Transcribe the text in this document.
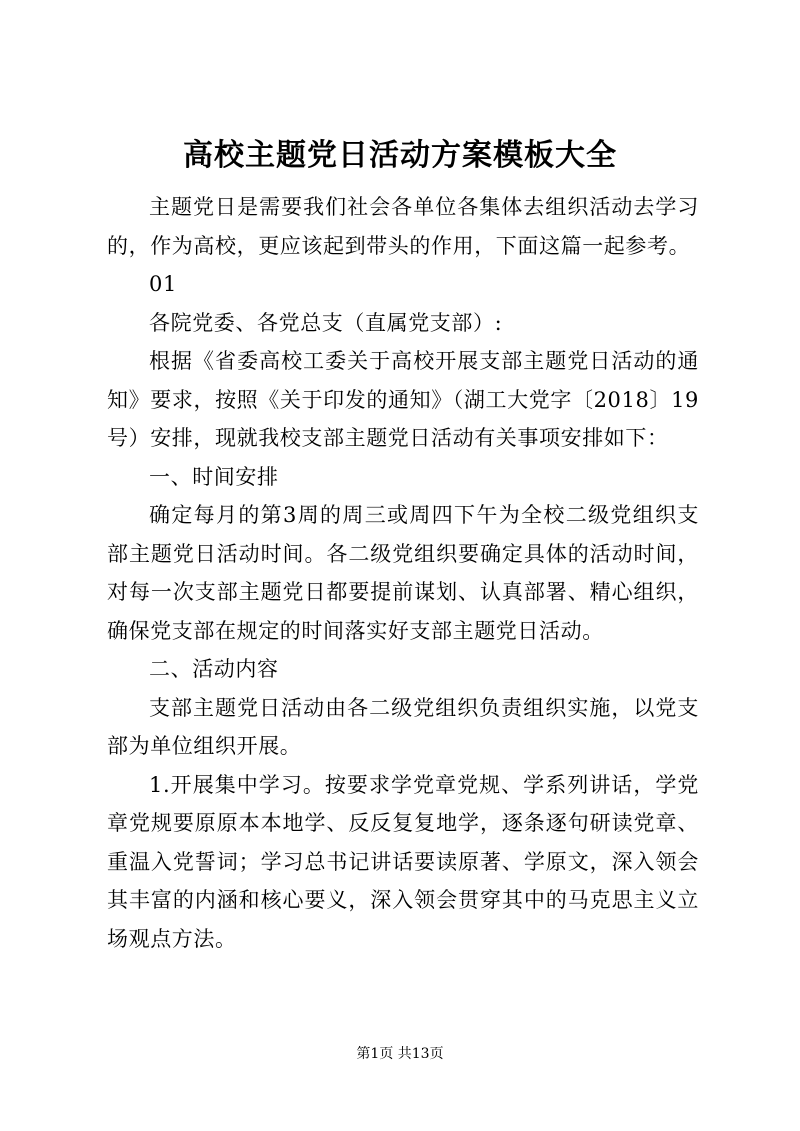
高校主题党日活动方案模板大全

主题党日是需要我们社会各单位各集体去组织活动去学习的，作为高校，更应该起到带头的作用，下面这篇一起参考。

01

各院党委、各党总支（直属党支部）:

根据《省委高校工委关于高校开展支部主题党日活动的通知》要求，按照《关于印发的通知》（湖工大党字〔2018〕19号）安排，现就我校支部主题党日活动有关事项安排如下：

一、时间安排

确定每月的第3周的周三或周四下午为全校二级党组织支部主题党日活动时间。各二级党组织要确定具体的活动时间，对每一次支部主题党日都要提前谋划、认真部署、精心组织，确保党支部在规定的时间落实好支部主题党日活动。

二、活动内容

支部主题党日活动由各二级党组织负责组织实施，以党支部为单位组织开展。

1.开展集中学习。按要求学党章党规、学系列讲话，学党章党规要原原本本地学、反反复复地学，逐条逐句研读党章、重温入党誓词；学习总书记讲话要读原著、学原文，深入领会其丰富的内涵和核心要义，深入领会贯穿其中的马克思主义立场观点方法。

第1页 共13页
